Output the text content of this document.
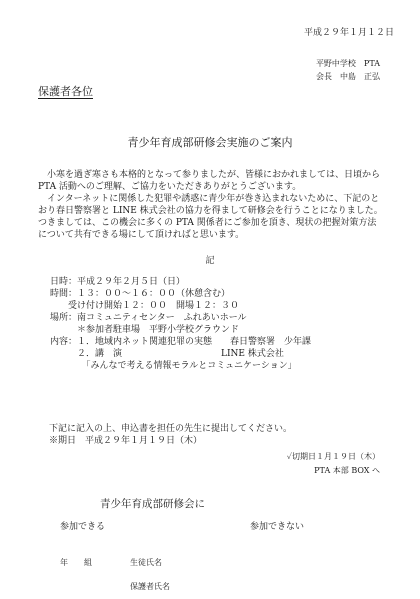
平成２９年１月１２日
平野中学校　PTA
会長　中島　正弘
保護者各位
青少年育成部研修会実施のご案内
　小寒を過ぎ寒さも本格的となって参りましたが、皆様におかれましては、日頃から
PTA 活動へのご理解、ご協力をいただきありがとうございます。
　インターネットに関係した犯罪や誘惑に青少年が巻き込まれないために、下記のと
おり春日警察署と LINE 株式会社の協力を得まして研修会を行うことになりました。
つきましては、この機会に多くの PTA 関係者にご参加を頂き、現状の把握対策方法
について共有できる場にして頂ければと思います。
記
日時：平成２９年２月５日（日）
時間：１３：００～１６：００（休憩含む）
　　受け付け開始１２：００　開場１２：３０
場所：南コミュニティセンター　ふれあいホール
　　　＊参加者駐車場　平野小学校グラウンド
内容：１．地域内ネット関連犯罪の実態　　春日警察署　少年課
　　　２．講　演　　　　　　　　　　　LINE 株式会社
　　　　「みんなで考える情報モラルとコミュニケーション」
　下記に記入の上、申込書を担任の先生に提出してください。
　※期日　平成２９年１月１９日（木）
✓切期日１月１９日（木）
PTA 本部 BOX へ
青少年育成部研修会に
参加できる	参加できない
年　　組	生徒氏名
保護者氏名
